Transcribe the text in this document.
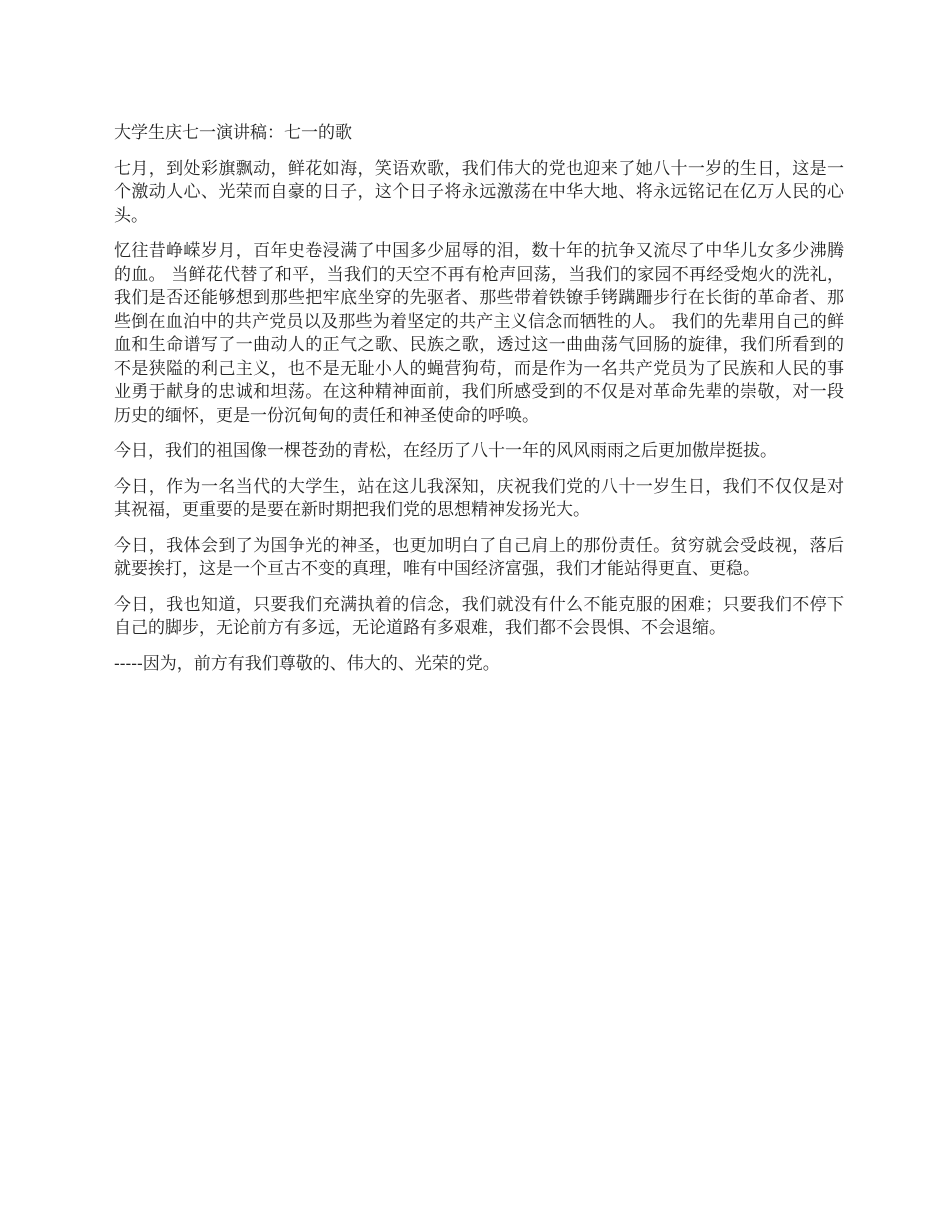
大学生庆七一演讲稿：七一的歌

七月，到处彩旗飘动，鲜花如海，笑语欢歌，我们伟大的党也迎来了她八十一岁的生日，这是一个激动人心、光荣而自豪的日子，这个日子将永远激荡在中华大地、将永远铭记在亿万人民的心头。

忆往昔峥嵘岁月，百年史卷浸满了中国多少屈辱的泪，数十年的抗争又流尽了中华儿女多少沸腾的血。 当鲜花代替了和平，当我们的天空不再有枪声回荡，当我们的家园不再经受炮火的洗礼，我们是否还能够想到那些把牢底坐穿的先驱者、那些带着铁镣手铐蹒跚步行在长街的革命者、那些倒在血泊中的共产党员以及那些为着坚定的共产主义信念而牺牲的人。 我们的先辈用自己的鲜血和生命谱写了一曲动人的正气之歌、民族之歌，透过这一曲曲荡气回肠的旋律，我们所看到的不是狭隘的利己主义，也不是无耻小人的蝇营狗苟，而是作为一名共产党员为了民族和人民的事业勇于献身的忠诚和坦荡。在这种精神面前，我们所感受到的不仅是对革命先辈的崇敬，对一段历史的缅怀，更是一份沉甸甸的责任和神圣使命的呼唤。

今日，我们的祖国像一棵苍劲的青松，在经历了八十一年的风风雨雨之后更加傲岸挺拔。

今日，作为一名当代的大学生，站在这儿我深知，庆祝我们党的八十一岁生日，我们不仅仅是对其祝福，更重要的是要在新时期把我们党的思想精神发扬光大。

今日，我体会到了为国争光的神圣，也更加明白了自己肩上的那份责任。贫穷就会受歧视，落后就要挨打，这是一个亘古不变的真理，唯有中国经济富强，我们才能站得更直、更稳。

今日，我也知道，只要我们充满执着的信念，我们就没有什么不能克服的困难；只要我们不停下自己的脚步，无论前方有多远，无论道路有多艰难，我们都不会畏惧、不会退缩。

-----因为，前方有我们尊敬的、伟大的、光荣的党。
